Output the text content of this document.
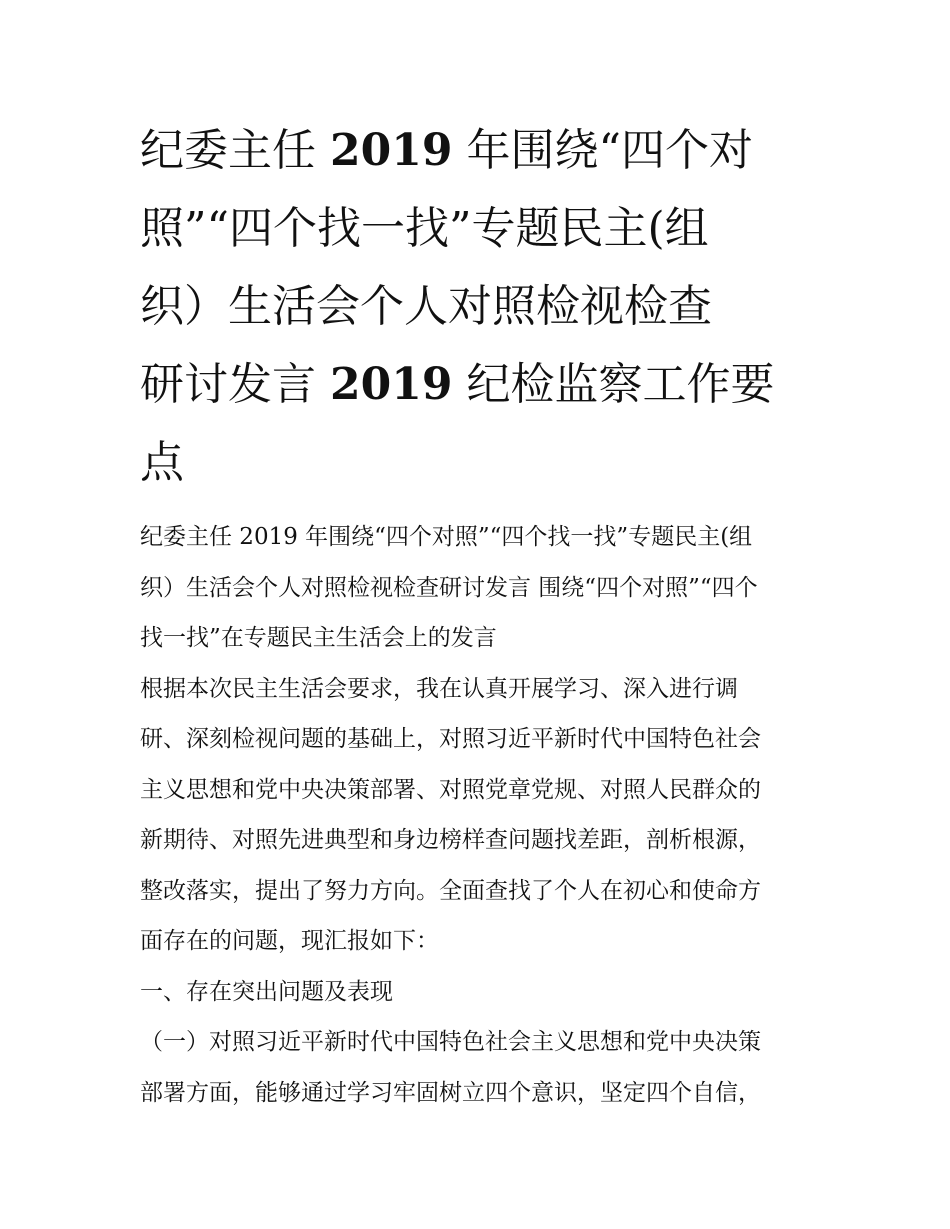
纪委主任 2019 年围绕“四个对
照”“四个找一找”专题民主(组
织）生活会个人对照检视检查
研讨发言 2019 纪检监察工作要
点
纪委主任 2019 年围绕“四个对照”“四个找一找”专题民主(组
织）生活会个人对照检视检查研讨发言 围绕“四个对照”“四个
找一找”在专题民主生活会上的发言
根据本次民主生活会要求，我在认真开展学习、深入进行调
研、深刻检视问题的基础上，对照习近平新时代中国特色社会
主义思想和党中央决策部署、对照党章党规、对照人民群众的
新期待、对照先进典型和身边榜样查问题找差距，剖析根源，
整改落实，提出了努力方向。全面查找了个人在初心和使命方
面存在的问题，现汇报如下：
一、存在突出问题及表现
（一）对照习近平新时代中国特色社会主义思想和党中央决策
部署方面，能够通过学习牢固树立四个意识，坚定四个自信，
